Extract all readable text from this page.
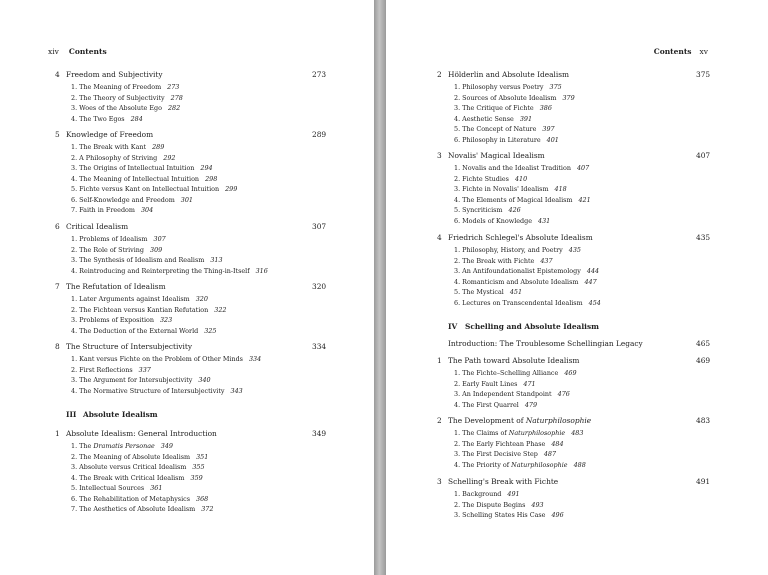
xiv Contents
4 Freedom and Subjectivity	273
1. The Meaning of Freedom 273
2. The Theory of Subjectivity 278
3. Woes of the Absolute Ego 282
4. The Two Egos 284
5 Knowledge of Freedom	289
1. The Break with Kant 289
2. A Philosophy of Striving 292
3. The Origins of Intellectual Intuition 294
4. The Meaning of Intellectual Intuition 298
5. Fichte versus Kant on Intellectual Intuition 299
6. Self-Knowledge and Freedom 301
7. Faith in Freedom 304
6 Critical Idealism	307
1. Problems of Idealism 307
2. The Role of Striving 309
3. The Synthesis of Idealism and Realism 313
4. Reintroducing and Reinterpreting the Thing-in-Itself 316
7 The Refutation of Idealism	320
1. Later Arguments against Idealism 320
2. The Fichtean versus Kantian Refutation 322
3. Problems of Exposition 323
4. The Deduction of the External World 325
8 The Structure of Intersubjectivity	334
1. Kant versus Fichte on the Problem of Other Minds 334
2. First Reflections 337
3. The Argument for Intersubjectivity 340
4. The Normative Structure of Intersubjectivity 343
III Absolute Idealism
1 Absolute Idealism: General Introduction	349
1. The Dramatis Personae 349
2. The Meaning of Absolute Idealism 351
3. Absolute versus Critical Idealism 355
4. The Break with Critical Idealism 359
5. Intellectual Sources 361
6. The Rehabilitation of Metaphysics 368
7. The Aesthetics of Absolute Idealism 372
Contents xv
2 Hölderlin and Absolute Idealism	375
1. Philosophy versus Poetry 375
2. Sources of Absolute Idealism 379
3. The Critique of Fichte 386
4. Aesthetic Sense 391
5. The Concept of Nature 397
6. Philosophy in Literature 401
3 Novalis' Magical Idealism	407
1. Novalis and the Idealist Tradition 407
2. Fichte Studies 410
3. Fichte in Novalis' Idealism 418
4. The Elements of Magical Idealism 421
5. Syncriticism 426
6. Models of Knowledge 431
4 Friedrich Schlegel's Absolute Idealism	435
1. Philosophy, History, and Poetry 435
2. The Break with Fichte 437
3. An Antifoundationalist Epistemology 444
4. Romanticism and Absolute Idealism 447
5. The Mystical 451
6. Lectures on Transcendental Idealism 454
IV Schelling and Absolute Idealism
Introduction: The Troublesome Schellingian Legacy	465
1 The Path toward Absolute Idealism	469
1. The Fichte–Schelling Alliance 469
2. Early Fault Lines 471
3. An Independent Standpoint 476
4. The First Quarrel 479
2 The Development of Naturphilosophie	483
1. The Claims of Naturphilosophie 483
2. The Early Fichtean Phase 484
3. The First Decisive Step 487
4. The Priority of Naturphilosophie 488
3 Schelling's Break with Fichte	491
1. Background 491
2. The Dispute Begins 493
3. Schelling States His Case 496
